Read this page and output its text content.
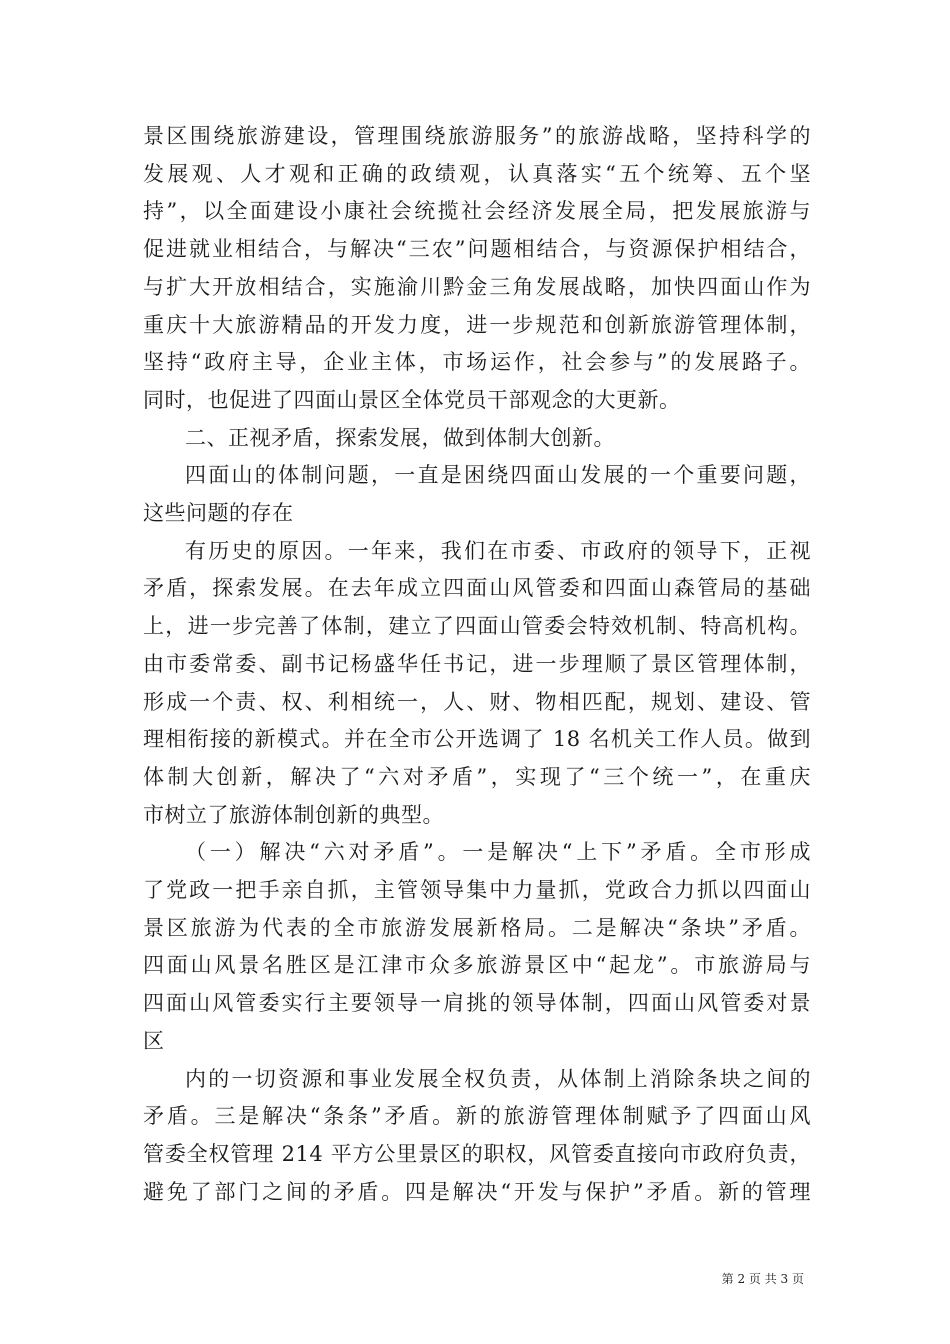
景区围绕旅游建设，管理围绕旅游服务”的旅游战略，坚持科学的
发展观、人才观和正确的政绩观，认真落实“五个统筹、五个坚
持”，以全面建设小康社会统揽社会经济发展全局，把发展旅游与
促进就业相结合，与解决“三农”问题相结合，与资源保护相结合，
与扩大开放相结合，实施渝川黔金三角发展战略，加快四面山作为
重庆十大旅游精品的开发力度，进一步规范和创新旅游管理体制，
坚持“政府主导，企业主体，市场运作，社会参与”的发展路子。
同时，也促进了四面山景区全体党员干部观念的大更新。
二、正视矛盾，探索发展，做到体制大创新。
四面山的体制问题，一直是困绕四面山发展的一个重要问题，
这些问题的存在
有历史的原因。一年来，我们在市委、市政府的领导下，正视
矛盾，探索发展。在去年成立四面山风管委和四面山森管局的基础
上，进一步完善了体制，建立了四面山管委会特效机制、特高机构。
由市委常委、副书记杨盛华任书记，进一步理顺了景区管理体制，
形成一个责、权、利相统一，人、财、物相匹配，规划、建设、管
理相衔接的新模式。并在全市公开选调了 18 名机关工作人员。做到
体制大创新，解决了“六对矛盾”，实现了“三个统一”，在重庆
市树立了旅游体制创新的典型。
（一）解决“六对矛盾”。一是解决“上下”矛盾。全市形成
了党政一把手亲自抓，主管领导集中力量抓，党政合力抓以四面山
景区旅游为代表的全市旅游发展新格局。二是解决“条块”矛盾。
四面山风景名胜区是江津市众多旅游景区中“起龙”。市旅游局与
四面山风管委实行主要领导一肩挑的领导体制，四面山风管委对景
区
内的一切资源和事业发展全权负责，从体制上消除条块之间的
矛盾。三是解决“条条”矛盾。新的旅游管理体制赋予了四面山风
管委全权管理 214 平方公里景区的职权，风管委直接向市政府负责，
避免了部门之间的矛盾。四是解决“开发与保护”矛盾。新的管理
第 2 页 共 3 页
